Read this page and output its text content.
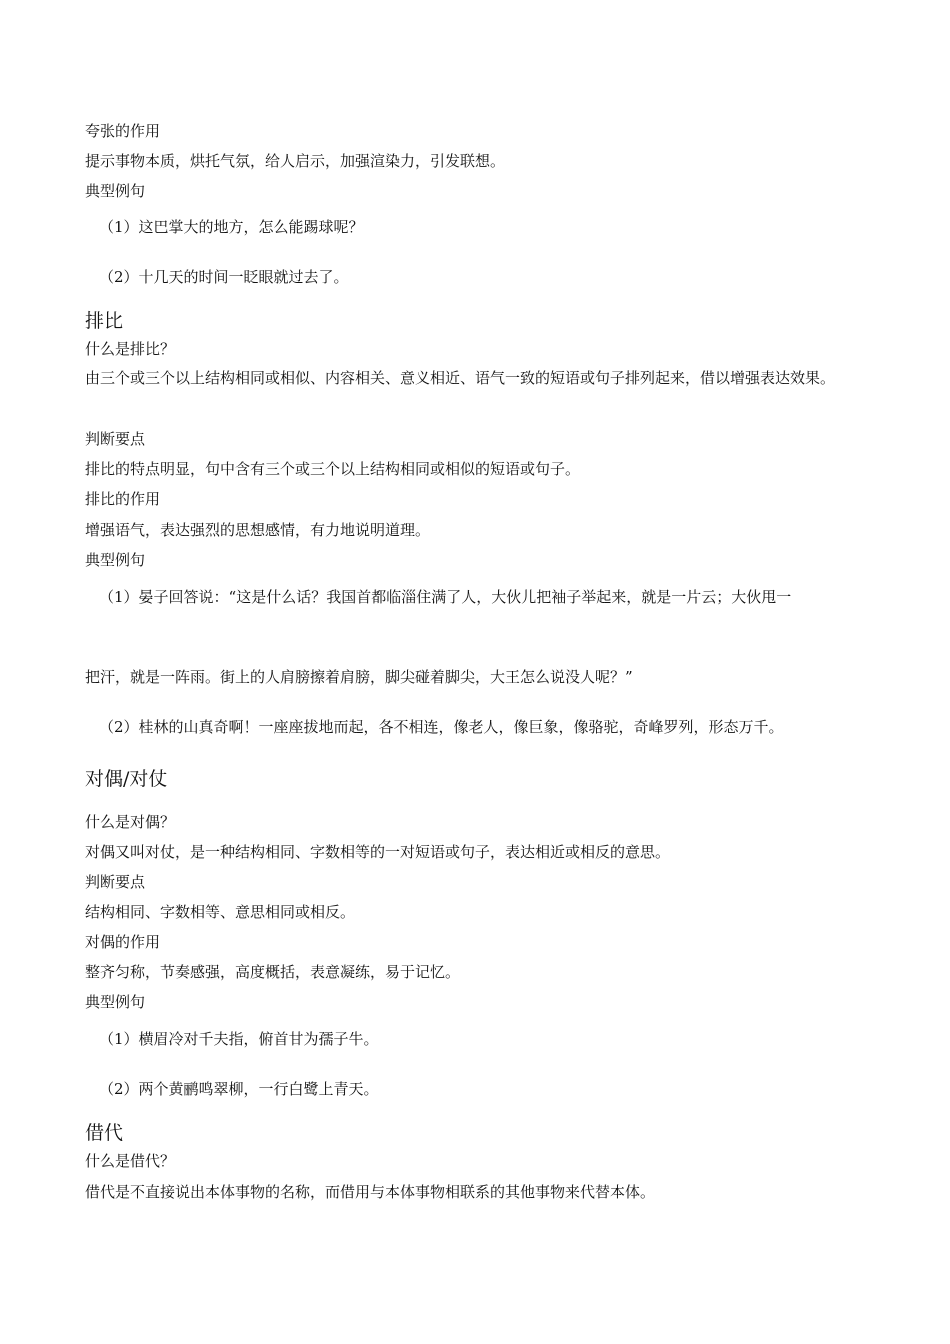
夸张的作用
提示事物本质，烘托气氛，给人启示，加强渲染力，引发联想。
典型例句
（1）这巴掌大的地方，怎么能踢球呢？
（2）十几天的时间一眨眼就过去了。
排比
什么是排比？
由三个或三个以上结构相同或相似、内容相关、意义相近、语气一致的短语或句子排列起来，借以增强表达效果。
判断要点
排比的特点明显，句中含有三个或三个以上结构相同或相似的短语或句子。
排比的作用
增强语气，表达强烈的思想感情，有力地说明道理。
典型例句
（1）晏子回答说：“这是什么话？我国首都临淄住满了人，大伙儿把袖子举起来，就是一片云；大伙甩一
把汗，就是一阵雨。街上的人肩膀擦着肩膀，脚尖碰着脚尖，大王怎么说没人呢？”
（2）桂林的山真奇啊！一座座拔地而起，各不相连，像老人，像巨象，像骆驼，奇峰罗列，形态万千。
对偶/对仗
什么是对偶？
对偶又叫对仗，是一种结构相同、字数相等的一对短语或句子，表达相近或相反的意思。
判断要点
结构相同、字数相等、意思相同或相反。
对偶的作用
整齐匀称，节奏感强，高度概括，表意凝练，易于记忆。
典型例句
（1）横眉冷对千夫指，俯首甘为孺子牛。
（2）两个黄鹂鸣翠柳，一行白鹭上青天。
借代
什么是借代？
借代是不直接说出本体事物的名称，而借用与本体事物相联系的其他事物来代替本体。
